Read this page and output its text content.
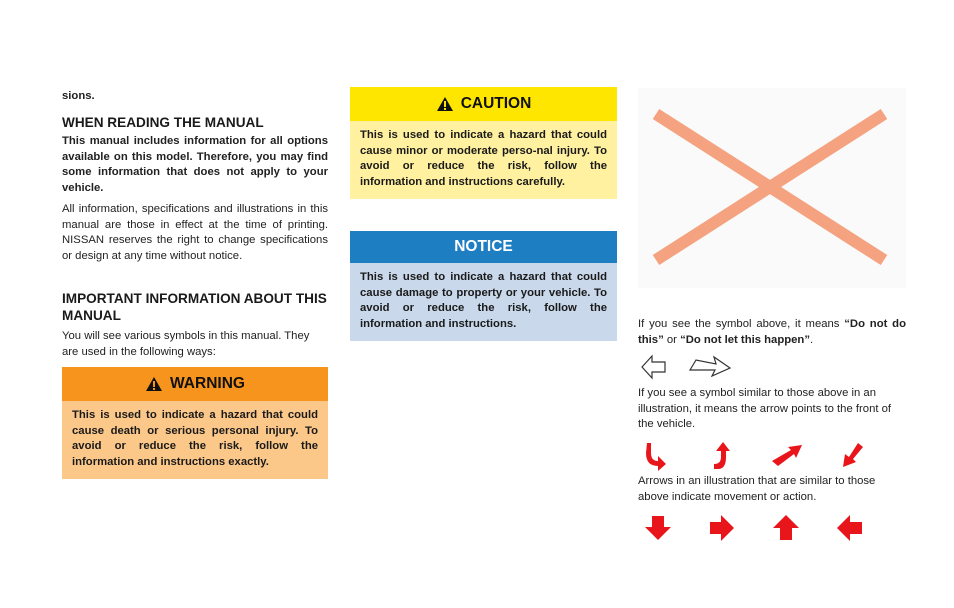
sions.

WHEN READING THE MANUAL

This manual includes information for all options available on this model. Therefore, you may find some information that does not apply to your vehicle.

All information, specifications and illustrations in this manual are those in effect at the time of printing. NISSAN reserves the right to change specifications or design at any time without notice.

IMPORTANT INFORMATION ABOUT THIS MANUAL

You will see various symbols in this manual. They are used in the following ways:

WARNING
This is used to indicate a hazard that could cause death or serious personal injury. To avoid or reduce the risk, follow the information and instructions exactly.
CAUTION
This is used to indicate a hazard that could cause minor or moderate perso-nal injury. To avoid or reduce the risk, follow the information and instructions carefully.
NOTICE
This is used to indicate a hazard that could cause damage to property or your vehicle. To avoid or reduce the risk, follow the information and instructions.	If you see the symbol above, it means “Do not do this” or “Do not let this happen”.

If you see a symbol similar to those above in an illustration, it means the arrow points to the front of the vehicle.

Arrows in an illustration that are similar to those above indicate movement or action.
